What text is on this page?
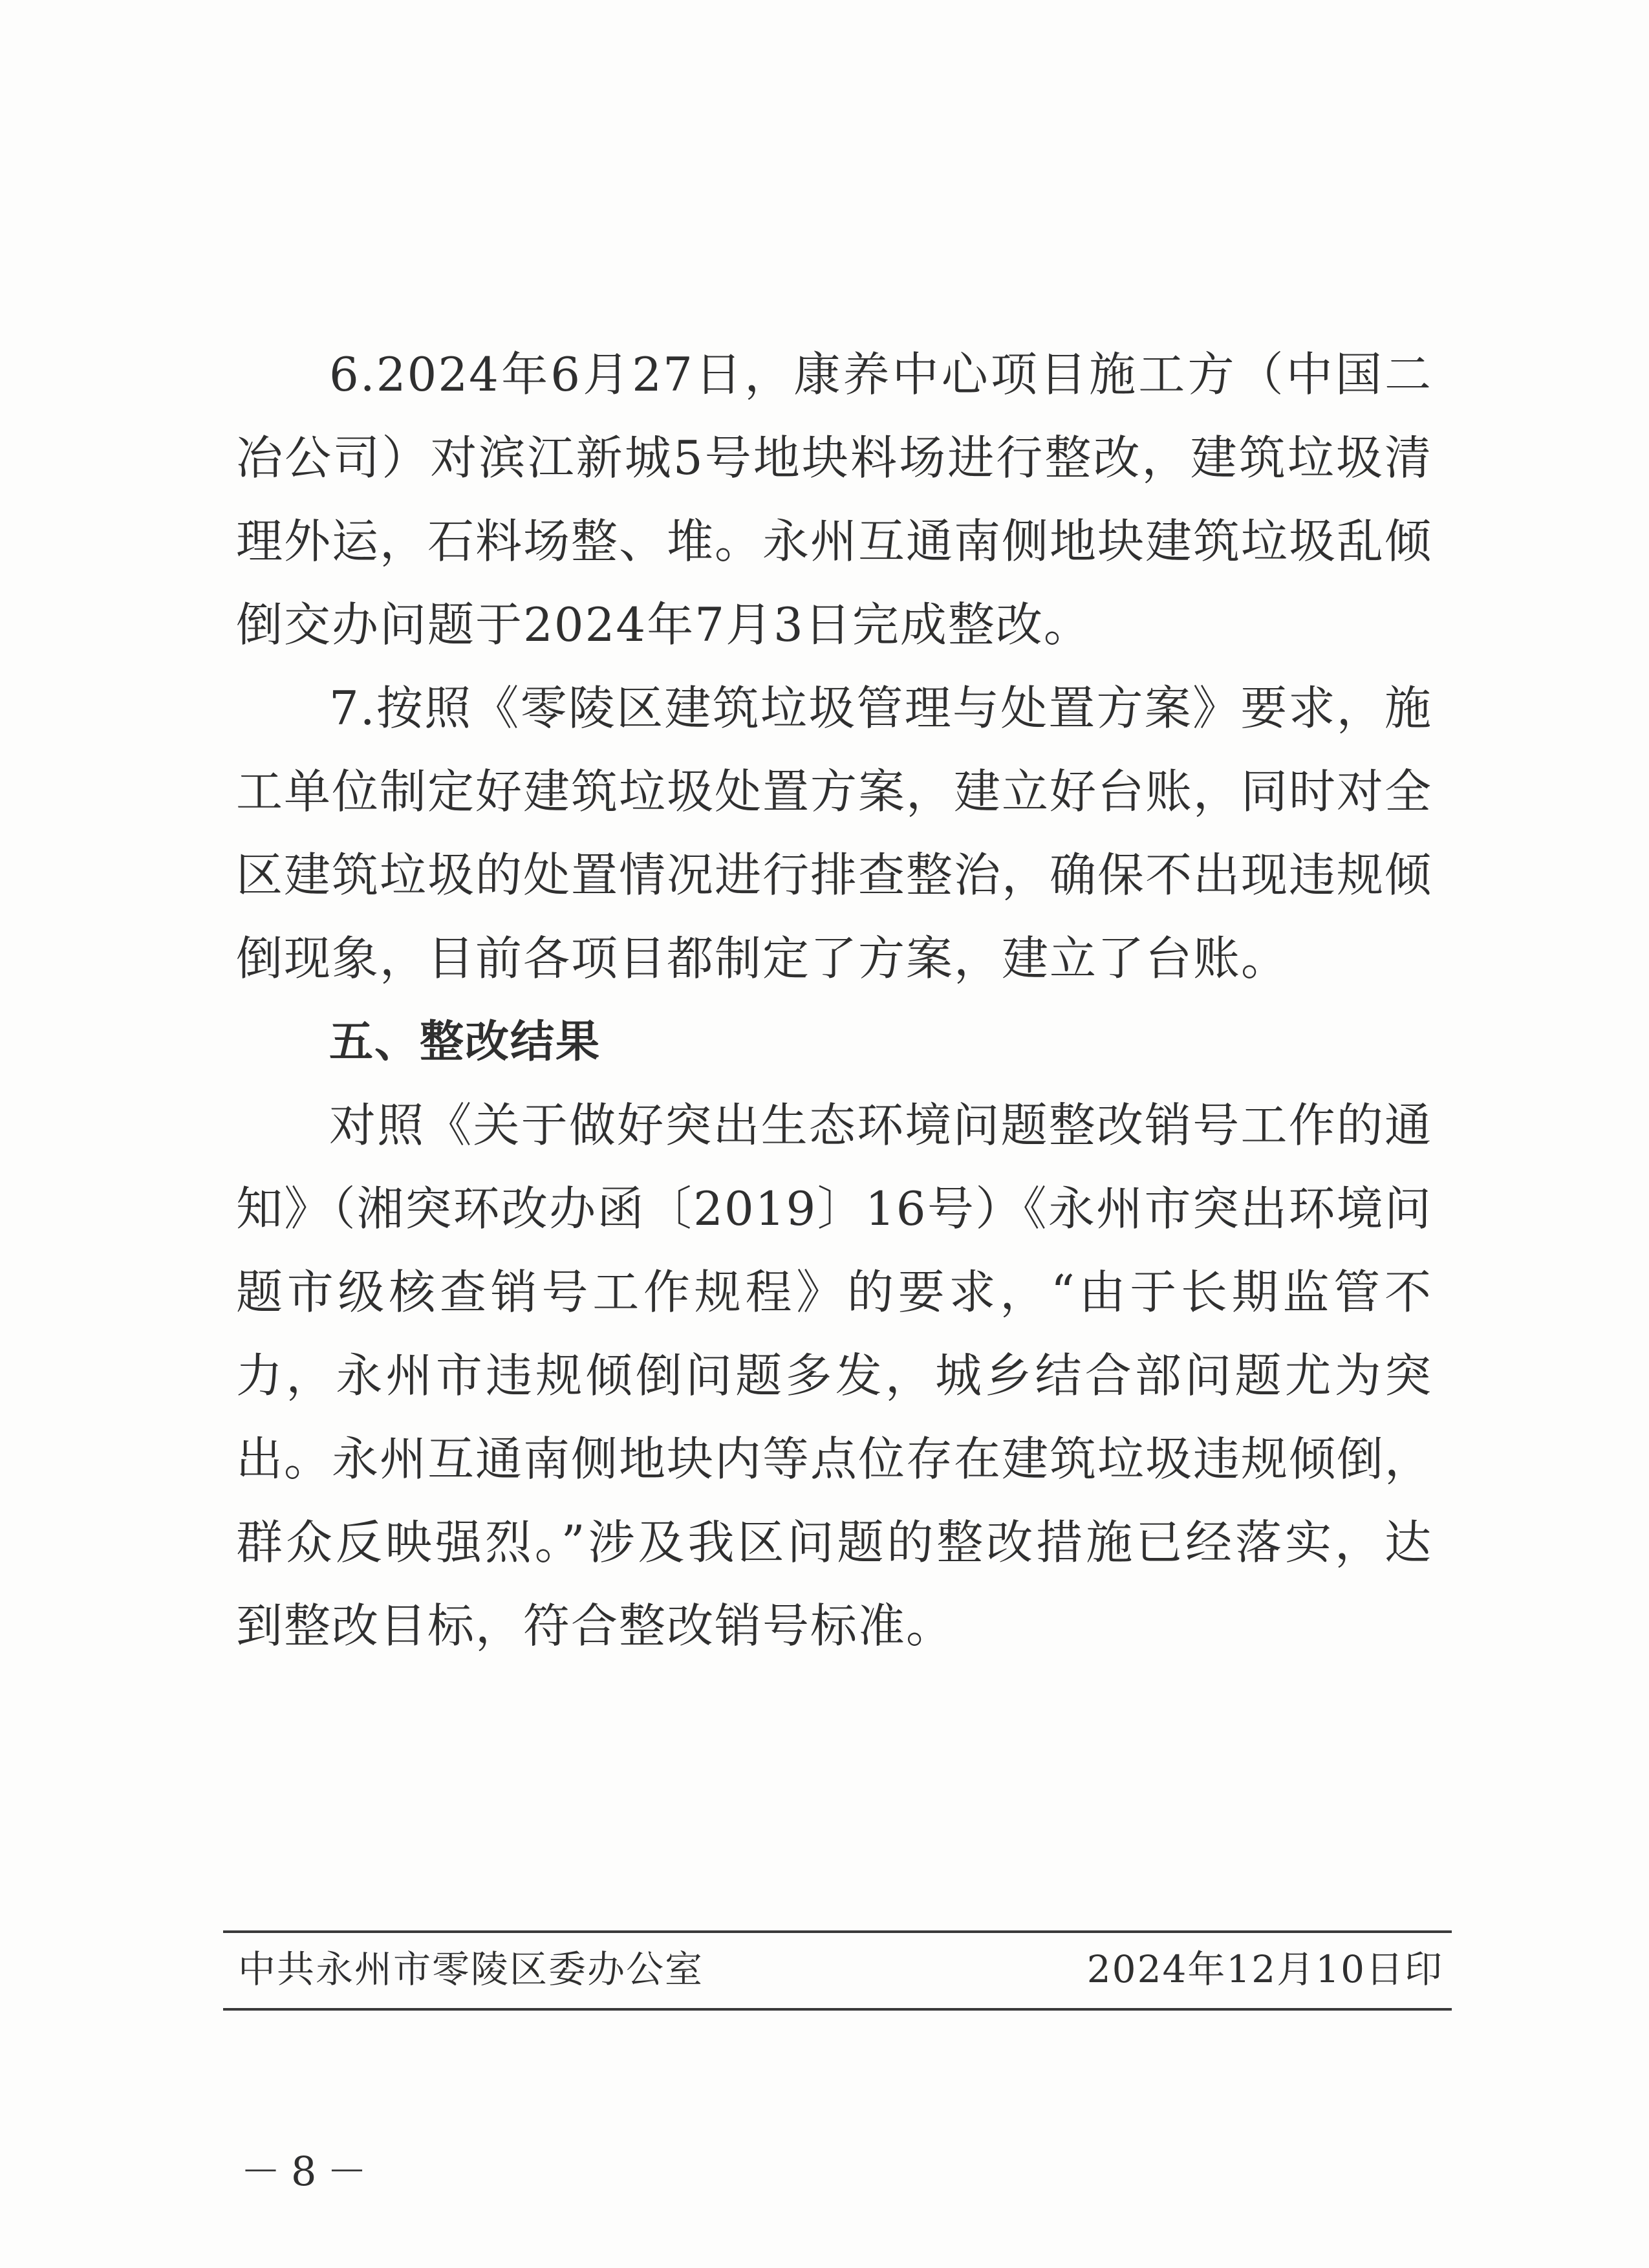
6.2024年6月27日，康养中心项目施工方（中国二冶公司）对滨江新城5号地块料场进行整改，建筑垃圾清理外运，石料场整、堆。永州互通南侧地块建筑垃圾乱倾倒交办问题于2024年7月3日完成整改。

7.按照《零陵区建筑垃圾管理与处置方案》要求，施工单位制定好建筑垃圾处置方案，建立好台账，同时对全区建筑垃圾的处置情况进行排查整治，确保不出现违规倾倒现象，目前各项目都制定了方案，建立了台账。

五、整改结果

对照《关于做好突出生态环境问题整改销号工作的通知》（湘突环改办函〔2019〕16号）《永州市突出环境问题市级核查销号工作规程》的要求，“由于长期监管不力，永州市违规倾倒问题多发，城乡结合部问题尤为突出。永州互通南侧地块内等点位存在建筑垃圾违规倾倒，群众反映强烈。”涉及我区问题的整改措施已经落实，达到整改目标，符合整改销号标准。

中共永州市零陵区委办公室	2024年12月10日印
－8－
